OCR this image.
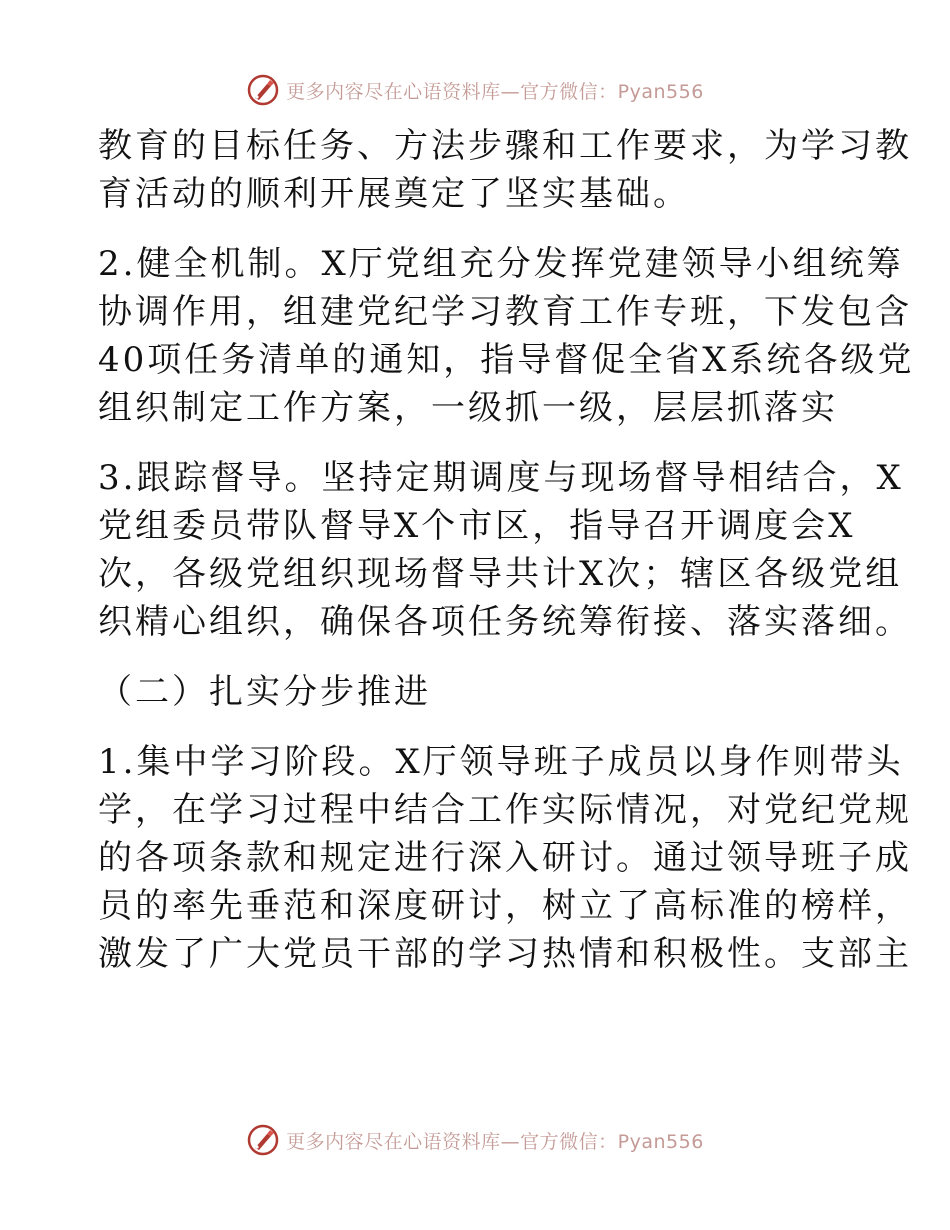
更多内容尽在心语资料库—官方微信：Pyan556
教育的目标任务、方法步骤和工作要求，为学习教
育活动的顺利开展奠定了坚实基础。
2.健全机制。X厅党组充分发挥党建领导小组统筹
协调作用，组建党纪学习教育工作专班，下发包含
40项任务清单的通知，指导督促全省X系统各级党
组织制定工作方案，一级抓一级，层层抓落实
3.跟踪督导。坚持定期调度与现场督导相结合，X
党组委员带队督导X个市区，指导召开调度会X
次，各级党组织现场督导共计X次；辖区各级党组
织精心组织，确保各项任务统筹衔接、落实落细。
（二）扎实分步推进
1.集中学习阶段。X厅领导班子成员以身作则带头
学，在学习过程中结合工作实际情况，对党纪党规
的各项条款和规定进行深入研讨。通过领导班子成
员的率先垂范和深度研讨，树立了高标准的榜样，
激发了广大党员干部的学习热情和积极性。支部主
更多内容尽在心语资料库—官方微信：Pyan556
